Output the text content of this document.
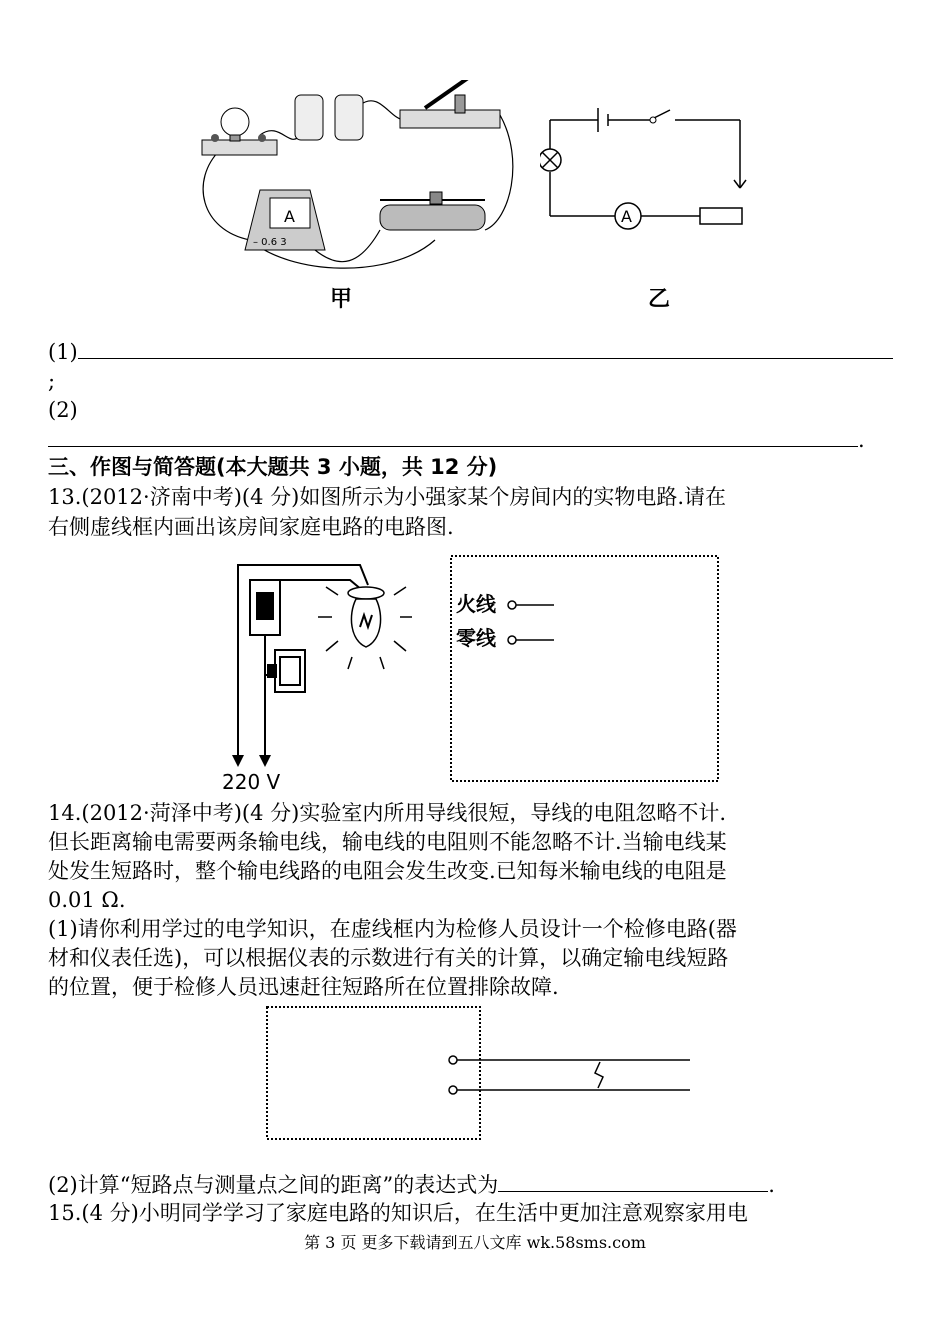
A
– 0.6 3
甲
A
乙
(1)
;
(2)
.
三、作图与简答题(本大题共 3 小题，共 12 分)
13.(2012·济南中考)(4 分)如图所示为小强家某个房间内的实物电路.请在
右侧虚线框内画出该房间家庭电路的电路图.
220 V
火线
零线
14.(2012·菏泽中考)(4 分)实验室内所用导线很短，导线的电阻忽略不计.
但长距离输电需要两条输电线，输电线的电阻则不能忽略不计.当输电线某
处发生短路时，整个输电线路的电阻会发生改变.已知每米输电线的电阻是
0.01 Ω.
(1)请你利用学过的电学知识，在虚线框内为检修人员设计一个检修电路(器
材和仪表任选)，可以根据仪表的示数进行有关的计算，以确定输电线短路
的位置，便于检修人员迅速赶往短路所在位置排除故障.
(2)计算“短路点与测量点之间的距离”的表达式为	.
15.(4 分)小明同学学习了家庭电路的知识后，在生活中更加注意观察家用电
第 3 页 更多下载请到五八文库 wk.58sms.com
